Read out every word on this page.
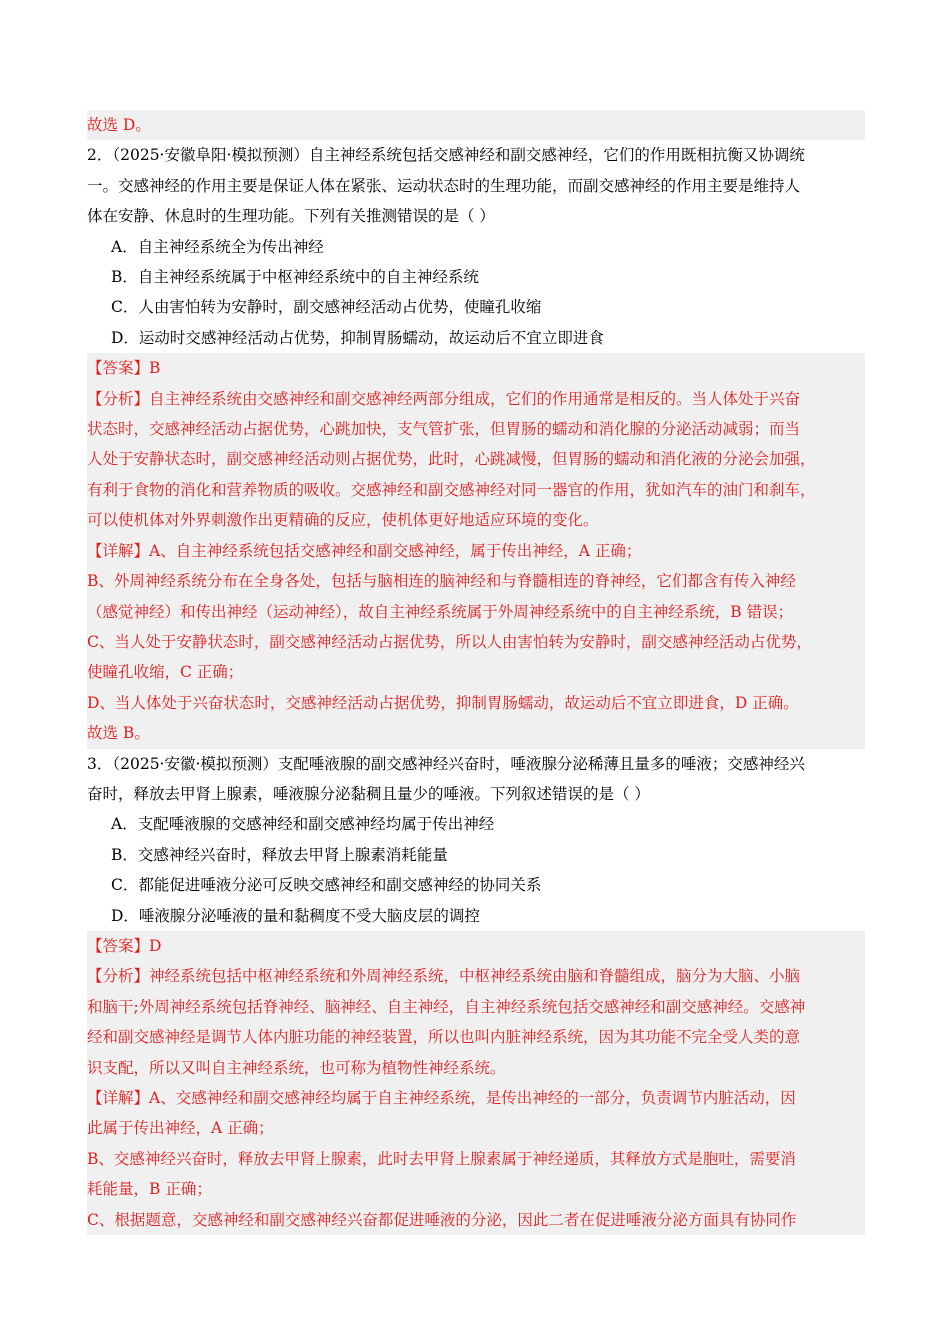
故选 D。
2．（2025·安徽阜阳·模拟预测）自主神经系统包括交感神经和副交感神经，它们的作用既相抗衡又协调统
一。交感神经的作用主要是保证人体在紧张、运动状态时的生理功能，而副交感神经的作用主要是维持人
体在安静、休息时的生理功能。下列有关推测错误的是（ ）
A．自主神经系统全为传出神经
B．自主神经系统属于中枢神经系统中的自主神经系统
C．人由害怕转为安静时，副交感神经活动占优势，使瞳孔收缩
D．运动时交感神经活动占优势，抑制胃肠蠕动，故运动后不宜立即进食
【答案】B
【分析】自主神经系统由交感神经和副交感神经两部分组成，它们的作用通常是相反的。当人体处于兴奋
状态时，交感神经活动占据优势，心跳加快，支气管扩张，但胃肠的蠕动和消化腺的分泌活动减弱；而当
人处于安静状态时，副交感神经活动则占据优势，此时，心跳减慢，但胃肠的蠕动和消化液的分泌会加强，
有利于食物的消化和营养物质的吸收。交感神经和副交感神经对同一器官的作用，犹如汽车的油门和刹车，
可以使机体对外界刺激作出更精确的反应，使机体更好地适应环境的变化。
【详解】A、自主神经系统包括交感神经和副交感神经，属于传出神经，A 正确；
B、外周神经系统分布在全身各处，包括与脑相连的脑神经和与脊髓相连的脊神经，它们都含有传入神经
（感觉神经）和传出神经（运动神经），故自主神经系统属于外周神经系统中的自主神经系统，B 错误；
C、当人处于安静状态时，副交感神经活动占据优势，所以人由害怕转为安静时，副交感神经活动占优势，
使瞳孔收缩，C 正确；
D、当人体处于兴奋状态时，交感神经活动占据优势，抑制胃肠蠕动，故运动后不宜立即进食，D 正确。
故选 B。
3．（2025·安徽·模拟预测）支配唾液腺的副交感神经兴奋时，唾液腺分泌稀薄且量多的唾液；交感神经兴
奋时，释放去甲肾上腺素，唾液腺分泌黏稠且量少的唾液。下列叙述错误的是（ ）
A．支配唾液腺的交感神经和副交感神经均属于传出神经
B．交感神经兴奋时，释放去甲肾上腺素消耗能量
C．都能促进唾液分泌可反映交感神经和副交感神经的协同关系
D．唾液腺分泌唾液的量和黏稠度不受大脑皮层的调控
【答案】D
【分析】神经系统包括中枢神经系统和外周神经系统，中枢神经系统由脑和脊髓组成，脑分为大脑、小脑
和脑干;外周神经系统包括脊神经、脑神经、自主神经，自主神经系统包括交感神经和副交感神经。交感神
经和副交感神经是调节人体内脏功能的神经装置，所以也叫内脏神经系统，因为其功能不完全受人类的意
识支配，所以又叫自主神经系统，也可称为植物性神经系统。
【详解】A、交感神经和副交感神经均属于自主神经系统，是传出神经的一部分，负责调节内脏活动，因
此属于传出神经，A 正确；
B、交感神经兴奋时，释放去甲肾上腺素，此时去甲肾上腺素属于神经递质，其释放方式是胞吐，需要消
耗能量，B 正确；
C、根据题意，交感神经和副交感神经兴奋都促进唾液的分泌，因此二者在促进唾液分泌方面具有协同作
